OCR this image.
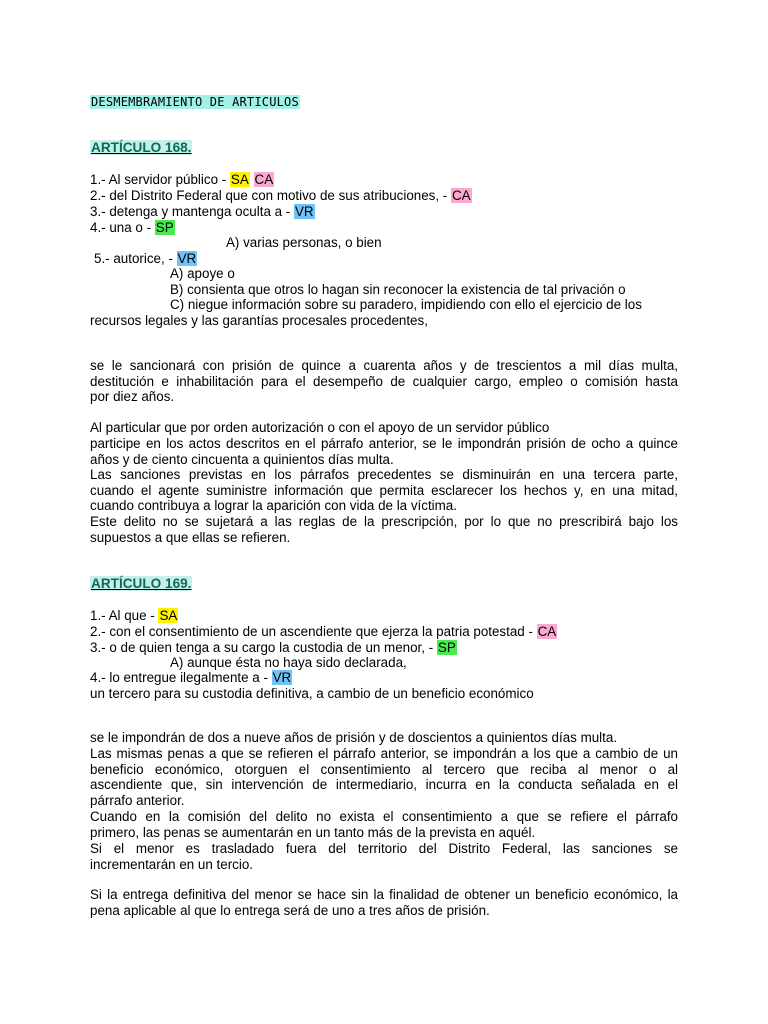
DESMEMBRAMIENTO DE ARTICULOS
ARTÍCULO 168.
1.- Al servidor público - SA CA
2.- del Distrito Federal que con motivo de sus atribuciones, - CA
3.- detenga y mantenga oculta a - VR
4.- una o - SP
A) varias personas, o bien
5.- autorice, - VR
A) apoye o
B) consienta que otros lo hagan sin reconocer la existencia de tal privación o
C) niegue información sobre su paradero, impidiendo con ello el ejercicio de los
recursos legales y las garantías procesales procedentes,
se le sancionará con prisión de quince a cuarenta años y de trescientos a mil días multa,
destitución e inhabilitación para el desempeño de cualquier cargo, empleo o comisión hasta
por diez años.
Al particular que por orden autorización o con el apoyo de un servidor público
participe en los actos descritos en el párrafo anterior, se le impondrán prisión de ocho a quince
años y de ciento cincuenta a quinientos días multa.
Las sanciones previstas en los párrafos precedentes se disminuirán en una tercera parte,
cuando el agente suministre información que permita esclarecer los hechos y, en una mitad,
cuando contribuya a lograr la aparición con vida de la víctima.
Este delito no se sujetará a las reglas de la prescripción, por lo que no prescribirá bajo los
supuestos a que ellas se refieren.
ARTÍCULO 169.
1.- Al que - SA
2.- con el consentimiento de un ascendiente que ejerza la patria potestad - CA
3.- o de quien tenga a su cargo la custodia de un menor, - SP
A) aunque ésta no haya sido declarada,
4.- lo entregue ilegalmente a - VR
un tercero para su custodia definitiva, a cambio de un beneficio económico
se le impondrán de dos a nueve años de prisión y de doscientos a quinientos días multa.
Las mismas penas a que se refieren el párrafo anterior, se impondrán a los que a cambio de un
beneficio económico, otorguen el consentimiento al tercero que reciba al menor o al
ascendiente que, sin intervención de intermediario, incurra en la conducta señalada en el
párrafo anterior.
Cuando en la comisión del delito no exista el consentimiento a que se refiere el párrafo
primero, las penas se aumentarán en un tanto más de la prevista en aquél.
Si el menor es trasladado fuera del territorio del Distrito Federal, las sanciones se
incrementarán en un tercio.
Si la entrega definitiva del menor se hace sin la finalidad de obtener un beneficio económico, la
pena aplicable al que lo entrega será de uno a tres años de prisión.
